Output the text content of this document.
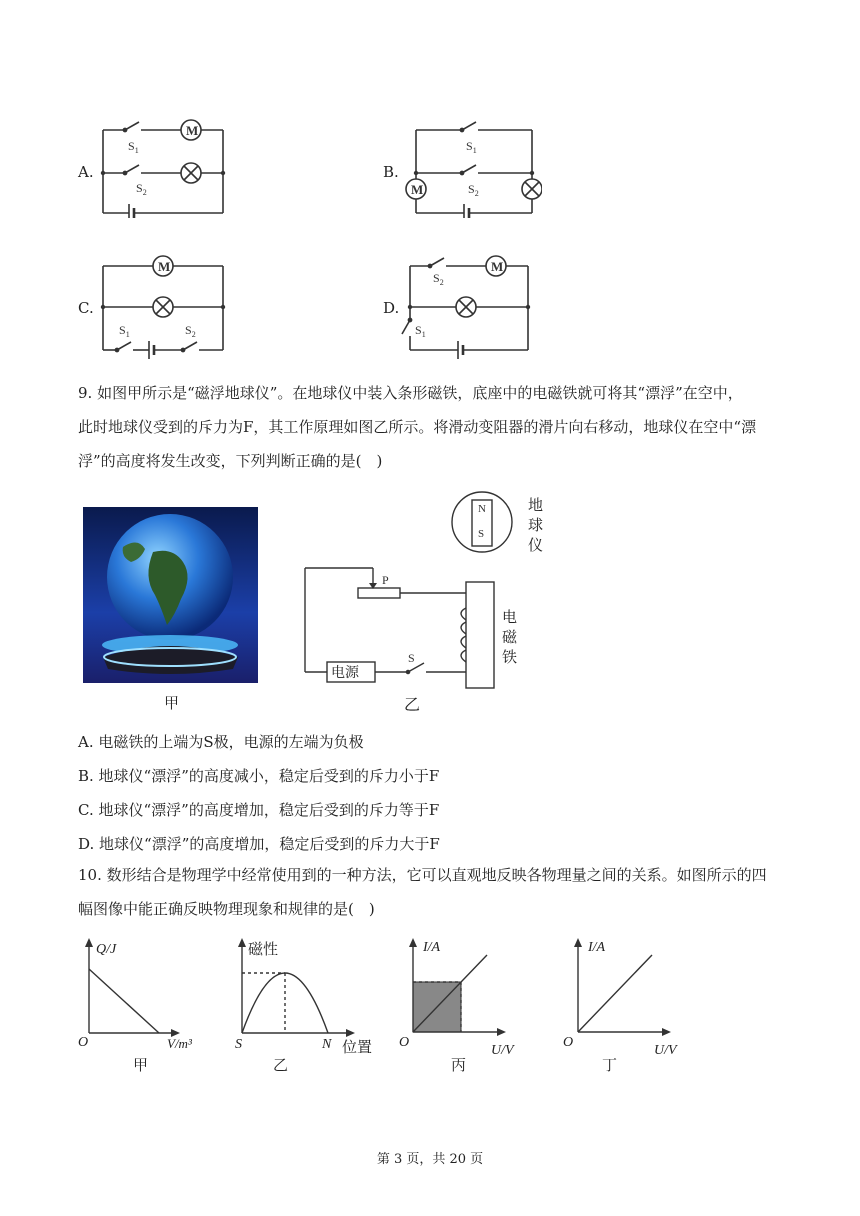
A.
M
$S_1$
$S_2$
B.
M
$S_1$
$S_2$
C.
M
$S_1$	$S_2$
D.
M
$S_2$
$S_1$
9. 如图甲所示是“磁浮地球仪”。在地球仪中装入条形磁铁，底座中的电磁铁就可将其“漂浮”在空中，
此时地球仪受到的斥力为F，其工作原理如图乙所示。将滑动变阻器的滑片向右移动，地球仪在空中“漂
浮”的高度将发生改变，下列判断正确的是(　)
甲
N
S
地
球
仪
P
电源
S
电
磁
铁
乙
A. 电磁铁的上端为S极，电源的左端为负极
B. 地球仪“漂浮”的高度减小，稳定后受到的斥力小于F
C. 地球仪“漂浮”的高度增加，稳定后受到的斥力等于F
D. 地球仪“漂浮”的高度增加，稳定后受到的斥力大于F
10. 数形结合是物理学中经常使用到的一种方法，它可以直观地反映各物理量之间的关系。如图所示的四
幅图像中能正确反映物理现象和规律的是(　)
Q/J
O	V/m³
甲
磁性
S	N 位置
乙
I/A
O
U/V
丙
I/A
O
U/V
丁
第 3 页，共 20 页
